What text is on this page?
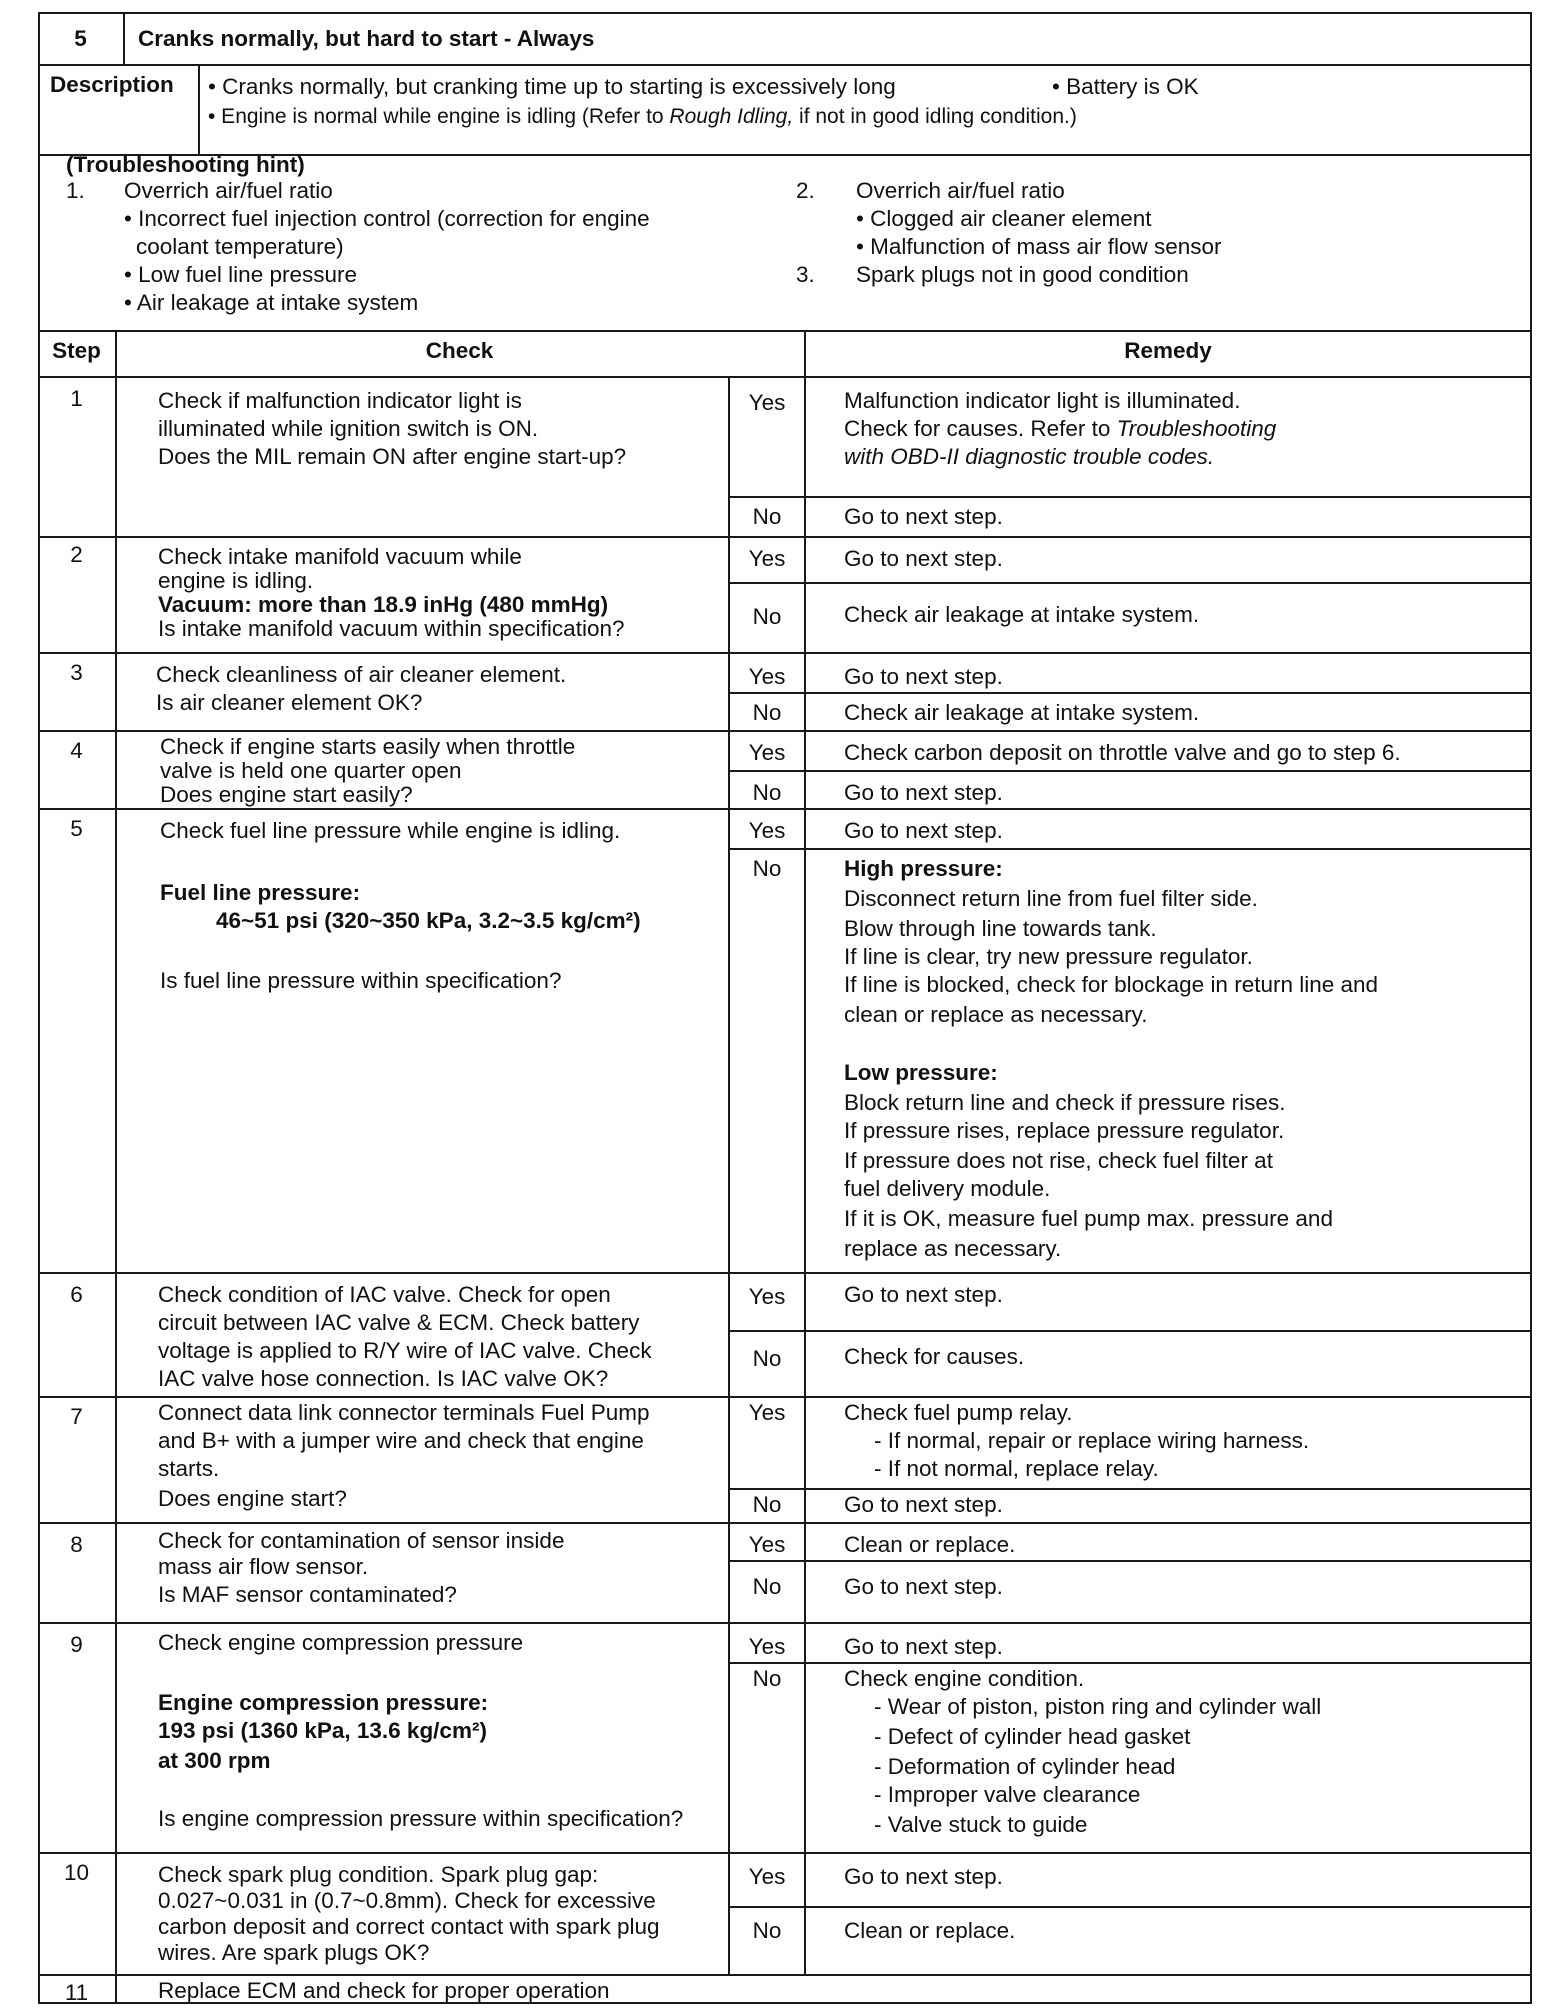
5	Cranks normally, but hard to start - Always
Description • Cranks normally, but cranking time up to starting is excessively long	• Battery is OK
• Engine is normal while engine is idling (Refer to Rough Idling, if not in good idling condition.)
(Troubleshooting hint)
1. Overrich air/fuel ratio
• Incorrect fuel injection control (correction for engine
coolant temperature)
• Low fuel line pressure
• Air leakage at intake system
2. Overrich air/fuel ratio
• Clogged air cleaner element
• Malfunction of mass air flow sensor
3. Spark plugs not in good condition
Step	Check	Remedy
1	Check if malfunction indicator light is
illuminated while ignition switch is ON.
Does the MIL remain ON after engine start-up?
Yes	Malfunction indicator light is illuminated.
Check for causes. Refer to Troubleshooting
with OBD-II diagnostic trouble codes.
No	Go to next step.
2	Check intake manifold vacuum while
engine is idling.
Vacuum: more than 18.9 inHg (480 mmHg)
Is intake manifold vacuum within specification?
Yes	Go to next step.
No	Check air leakage at intake system.
3	Check cleanliness of air cleaner element.
Is air cleaner element OK?
Yes	Go to next step.
No	Check air leakage at intake system.
4	Check if engine starts easily when throttle
valve is held one quarter open
Does engine start easily?
Yes	Check carbon deposit on throttle valve and go to step 6.
No	Go to next step.
5	Check fuel line pressure while engine is idling.
Fuel line pressure:
46~51 psi (320~350 kPa, 3.2~3.5 kg/cm²)
Is fuel line pressure within specification?
Yes	Go to next step.
No	High pressure:
Disconnect return line from fuel filter side.
Blow through line towards tank.
If line is clear, try new pressure regulator.
If line is blocked, check for blockage in return line and
clean or replace as necessary.
Low pressure:
Block return line and check if pressure rises.
If pressure rises, replace pressure regulator.
If pressure does not rise, check fuel filter at
fuel delivery module.
If it is OK, measure fuel pump max. pressure and
replace as necessary.
6	Check condition of IAC valve. Check for open
circuit between IAC valve & ECM. Check battery
voltage is applied to R/Y wire of IAC valve. Check
IAC valve hose connection. Is IAC valve OK?
Yes	Go to next step.
No	Check for causes.
7	Connect data link connector terminals Fuel Pump
and B+ with a jumper wire and check that engine
starts.
Does engine start?
Yes	Check fuel pump relay.
- If normal, repair or replace wiring harness.
- If not normal, replace relay.
No	Go to next step.
8	Check for contamination of sensor inside
mass air flow sensor.
Is MAF sensor contaminated?
Yes	Clean or replace.
No	Go to next step.
9	Check engine compression pressure
Engine compression pressure:
193 psi (1360 kPa, 13.6 kg/cm²)
at 300 rpm
Is engine compression pressure within specification?
Yes	Go to next step.
No	Check engine condition.
- Wear of piston, piston ring and cylinder wall
- Defect of cylinder head gasket
- Deformation of cylinder head
- Improper valve clearance
- Valve stuck to guide
10	Check spark plug condition. Spark plug gap:
0.027~0.031 in (0.7~0.8mm). Check for excessive
carbon deposit and correct contact with spark plug
wires. Are spark plugs OK?
Yes	Go to next step.
No	Clean or replace.
11	Replace ECM and check for proper operation
